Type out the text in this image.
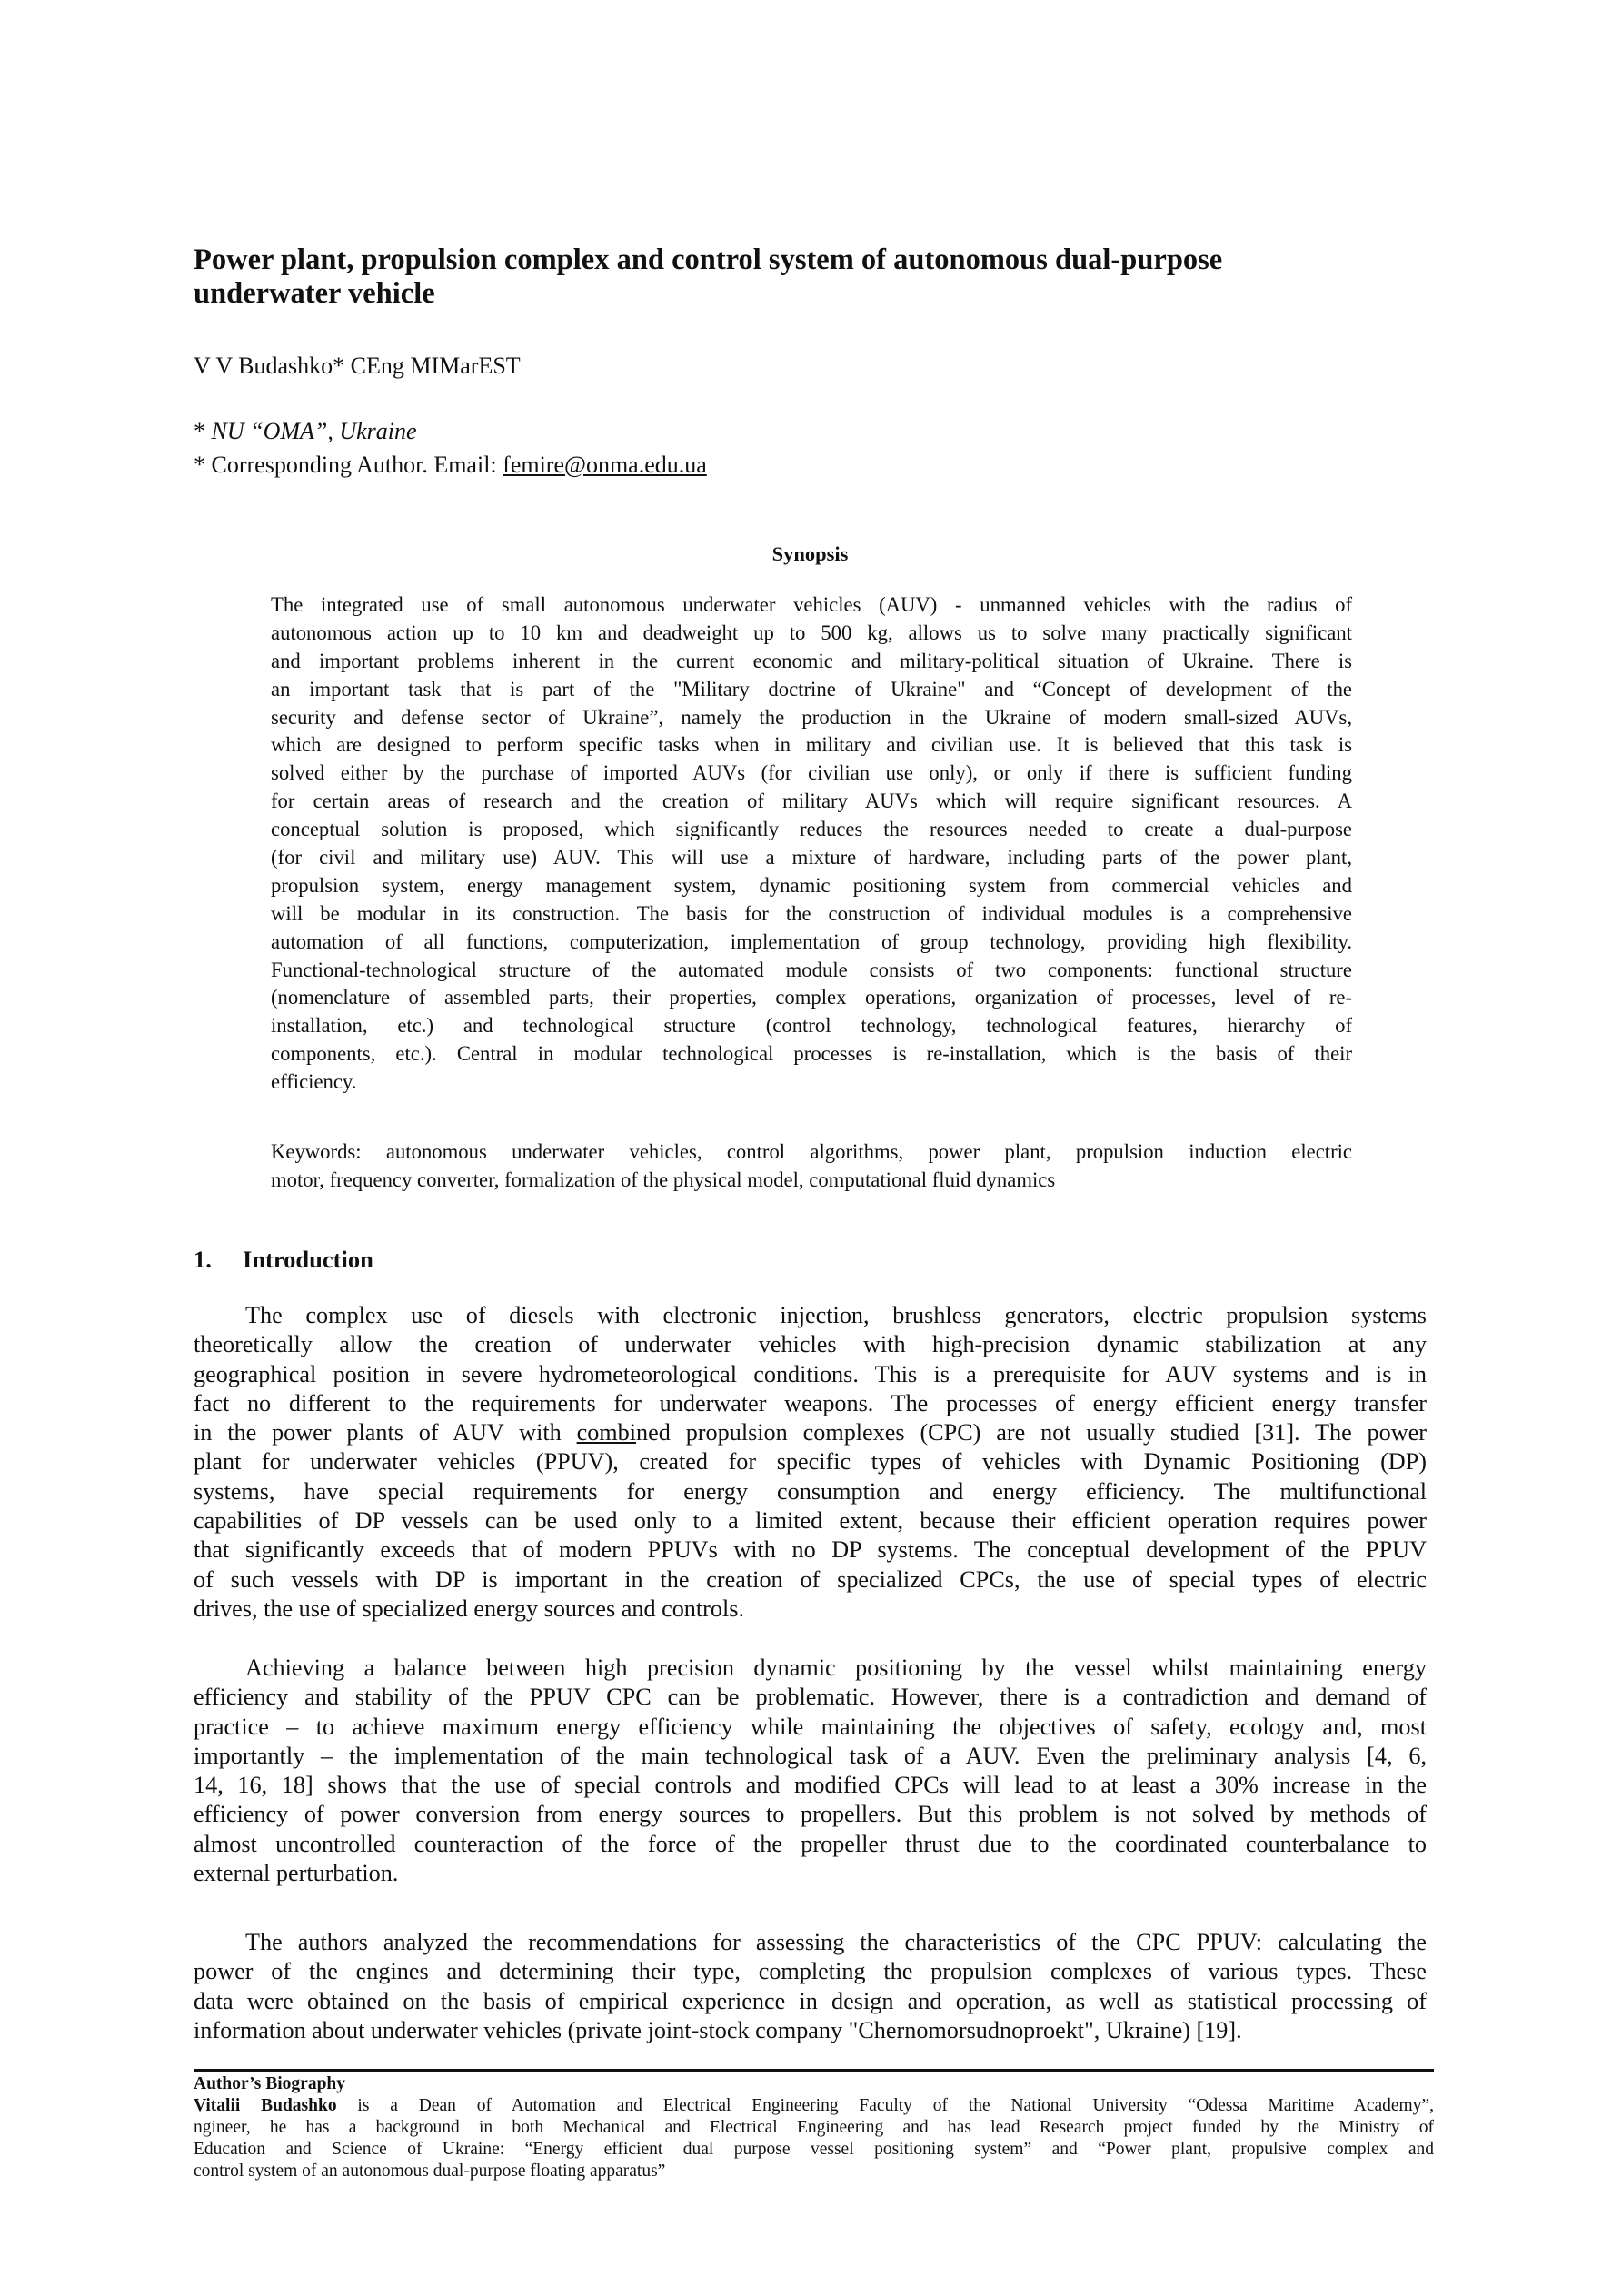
Power plant, propulsion complex and control system of autonomous dual-purpose
underwater vehicle
V V Budashko* CEng MIMarEST
* NU “OMA”, Ukraine
* Corresponding Author. Email: femire@onma.edu.ua
Synopsis
The integrated use of small autonomous underwater vehicles (AUV) - unmanned vehicles with the radius of
autonomous action up to 10 km and deadweight up to 500 kg, allows us to solve many practically significant
and important problems inherent in the current economic and military-political situation of Ukraine. There is
an important task that is part of the "Military doctrine of Ukraine" and “Concept of development of the
security and defense sector of Ukraine”, namely the production in the Ukraine of modern small-sized AUVs,
which are designed to perform specific tasks when in military and civilian use. It is believed that this task is
solved either by the purchase of imported AUVs (for civilian use only), or only if there is sufficient funding
for certain areas of research and the creation of military AUVs which will require significant resources. A
conceptual solution is proposed, which significantly reduces the resources needed to create a dual-purpose
(for civil and military use) AUV. This will use a mixture of hardware, including parts of the power plant,
propulsion system, energy management system, dynamic positioning system from commercial vehicles and
will be modular in its construction. The basis for the construction of individual modules is a comprehensive
automation of all functions, computerization, implementation of group technology, providing high flexibility.
Functional-technological structure of the automated module consists of two components: functional structure
(nomenclature of assembled parts, their properties, complex operations, organization of processes, level of re-
installation, etc.) and technological structure (control technology, technological features, hierarchy of
components, etc.). Central in modular technological processes is re-installation, which is the basis of their
efficiency.
Keywords: autonomous underwater vehicles, control algorithms, power plant, propulsion induction electric
motor, frequency converter, formalization of the physical model, computational fluid dynamics
1. Introduction
The complex use of diesels with electronic injection, brushless generators, electric propulsion systems
theoretically allow the creation of underwater vehicles with high-precision dynamic stabilization at any
geographical position in severe hydrometeorological conditions. This is a prerequisite for AUV systems and is in
fact no different to the requirements for underwater weapons. The processes of energy efficient energy transfer
in the power plants of AUV with combined propulsion complexes (CPC) are not usually studied [31]. The power
plant for underwater vehicles (PPUV), created for specific types of vehicles with Dynamic Positioning (DP)
systems, have special requirements for energy consumption and energy efficiency. The multifunctional
capabilities of DP vessels can be used only to a limited extent, because their efficient operation requires power
that significantly exceeds that of modern PPUVs with no DP systems. The conceptual development of the PPUV
of such vessels with DP is important in the creation of specialized CPCs, the use of special types of electric
drives, the use of specialized energy sources and controls.
Achieving a balance between high precision dynamic positioning by the vessel whilst maintaining energy
efficiency and stability of the PPUV CPC can be problematic. However, there is a contradiction and demand of
practice – to achieve maximum energy efficiency while maintaining the objectives of safety, ecology and, most
importantly – the implementation of the main technological task of a AUV. Even the preliminary analysis [4, 6,
14, 16, 18] shows that the use of special controls and modified CPCs will lead to at least a 30% increase in the
efficiency of power conversion from energy sources to propellers. But this problem is not solved by methods of
almost uncontrolled counteraction of the force of the propeller thrust due to the coordinated counterbalance to
external perturbation.
The authors analyzed the recommendations for assessing the characteristics of the CPC PPUV: calculating the
power of the engines and determining their type, completing the propulsion complexes of various types. These
data were obtained on the basis of empirical experience in design and operation, as well as statistical processing of
information about underwater vehicles (private joint-stock company "Chernomorsudnoproekt", Ukraine) [19].
Author’s Biography
Vitalii Budashko is a Dean of Automation and Electrical Engineering Faculty of the National University “Odessa Maritime Academy”,
ngineer, he has a background in both Mechanical and Electrical Engineering and has lead Research project funded by the Ministry of
Education and Science of Ukraine: “Energy efficient dual purpose vessel positioning system” and “Power plant, propulsive complex and
control system of an autonomous dual-purpose floating apparatus”
